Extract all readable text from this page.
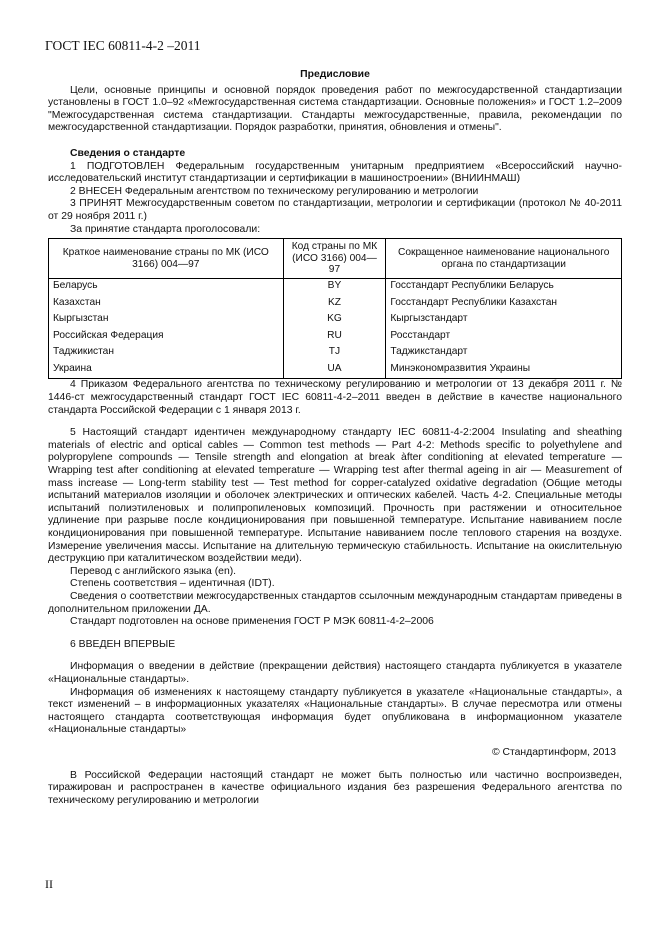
ГОСТ IEC 60811-4-2 –2011
Предисловие

Цели, основные принципы и основной порядок проведения работ по межгосударственной стандартизации установлены в ГОСТ 1.0–92 «Межгосударственная система стандартизации. Основные положения» и ГОСТ 1.2–2009 "Межгосударственная система стандартизации. Стандарты межгосударственные, правила, рекомендации по межгосударственной стандартизации. Порядок разработки, принятия, обновления и отмены".

Сведения о стандарте

1 ПОДГОТОВЛЕН Федеральным государственным унитарным предприятием «Всероссийский научно-исследовательский институт стандартизации и сертификации в машиностроении» (ВНИИНМАШ)

2 ВНЕСЕН Федеральным агентством по техническому регулированию и метрологии

3 ПРИНЯТ Межгосударственным советом по стандартизации, метрологии и сертификации (протокол № 40-2011 от 29 ноября 2011 г.)

За принятие стандарта проголосовали:

Краткое наименование страны по МК (ИСО 3166) 004—97	Код страны по МК (ИСО 3166) 004—97	Сокращенное наименование национального органа по стандартизации
Беларусь	BY	Госстандарт Республики Беларусь
Казахстан	KZ	Госстандарт Республики Казахстан
Кыргызстан	KG	Кыргызстандарт
Российская Федерация	RU	Росстандарт
Таджикистан	TJ	Таджикстандарт
Украина	UA	Минэкономразвития Украины

4 Приказом Федерального агентства по техническому регулированию и метрологии от 13 декабря 2011 г. № 1446-ст межгосударственный стандарт ГОСТ IEC 60811-4-2–2011 введен в действие в качестве национального стандарта Российской Федерации с 1 января 2013 г.

5 Настоящий стандарт идентичен международному стандарту IEC 60811-4-2:2004 Insulating and sheathing materials of electric and optical cables — Common test methods — Part 4-2: Methods specific to polyethylene and polypropylene compounds — Tensile strength and elongation at break àfter conditioning at elevated temperature — Wrapping test after conditioning at elevated temperature — Wrapping test after thermal ageing in air — Measurement of mass increase — Long-term stability test — Test method for copper-catalyzed oxidative degradation (Общие методы испытаний материалов изоляции и оболочек электрических и оптических кабелей. Часть 4-2. Специальные методы испытаний полиэтиленовых и полипропиленовых композиций. Прочность при растяжении и относительное удлинение при разрыве после кондиционирования при повышенной температуре. Испытание навиванием после кондиционирования при повышенной температуре. Испытание навиванием после теплового старения на воздухе. Измерение увеличения массы. Испытание на длительную термическую стабильность. Испытание на окислительную деструкцию при каталитическом воздействии меди).

Перевод с английского языка (en).

Степень соответствия – идентичная (IDT).

Сведения о соответствии межгосударственных стандартов ссылочным международным стандартам приведены в дополнительном приложении ДА.

Стандарт подготовлен на основе применения ГОСТ Р МЭК 60811-4-2–2006

6 ВВЕДЕН ВПЕРВЫЕ

Информация о введении в действие (прекращении действия) настоящего стандарта публикуется в указателе «Национальные стандарты».

Информация об изменениях к настоящему стандарту публикуется в указателе «Национальные стандарты», а текст изменений – в информационных указателях «Национальные стандарты». В случае пересмотра или отмены настоящего стандарта соответствующая информация будет опубликована в информационном указателе «Национальные стандарты»

© Стандартинформ, 2013

В Российской Федерации настоящий стандарт не может быть полностью или частично воспроизведен, тиражирован и распространен в качестве официального издания без разрешения Федерального агентства по техническому регулированию и метрологии

II
